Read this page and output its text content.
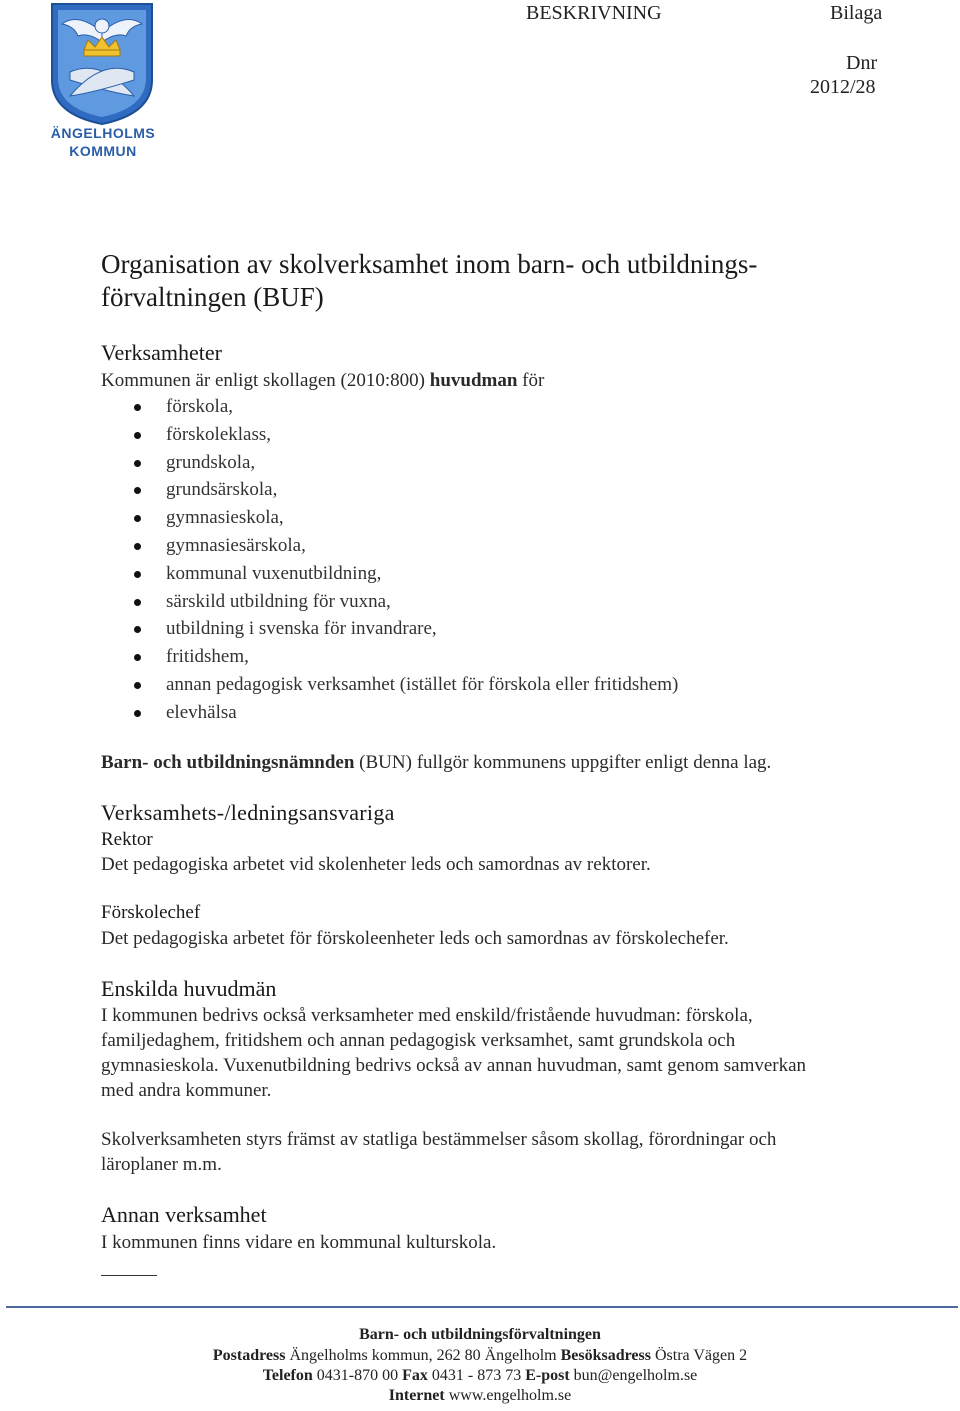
ÄNGELHOLMS
KOMMUN
BESKRIVNING	Bilaga
Dnr
2012/28
Organisation av skolverksamhet inom barn- och utbildnings-
förvaltningen (BUF)
Verksamheter

Kommunen är enligt skollagen (2010:800) huvudman för

förskola,
förskoleklass,
grundskola,
grundsärskola,
gymnasieskola,
gymnasiesärskola,
kommunal vuxenutbildning,
särskild utbildning för vuxna,
utbildning i svenska för invandrare,
fritidshem,
annan pedagogisk verksamhet (istället för förskola eller fritidshem)
elevhälsa

Barn- och utbildningsnämnden (BUN) fullgör kommunens uppgifter enligt denna lag.

Verksamhets-/ledningsansvariga
Rektor

Det pedagogiska arbetet vid skolenheter leds och samordnas av rektorer.

Förskolechef

Det pedagogiska arbetet för förskoleenheter leds och samordnas av förskolechefer.

Enskilda huvudmän

I kommunen bedrivs också verksamheter med enskild/fristående huvudman: förskola,
familjedaghem, fritidshem och annan pedagogisk verksamhet, samt grundskola och
gymnasieskola. Vuxenutbildning bedrivs också av annan huvudman, samt genom samverkan
med andra kommuner.

Skolverksamheten styrs främst av statliga bestämmelser såsom skollag, förordningar och
läroplaner m.m.

Annan verksamhet

I kommunen finns vidare en kommunal kulturskola.

Barn- och utbildningsförvaltningen
Postadress Ängelholms kommun, 262 80 Ängelholm Besöksadress Östra Vägen 2
Telefon 0431-870 00 Fax 0431 - 873 73 E-post bun@engelholm.se
Internet www.engelholm.se
